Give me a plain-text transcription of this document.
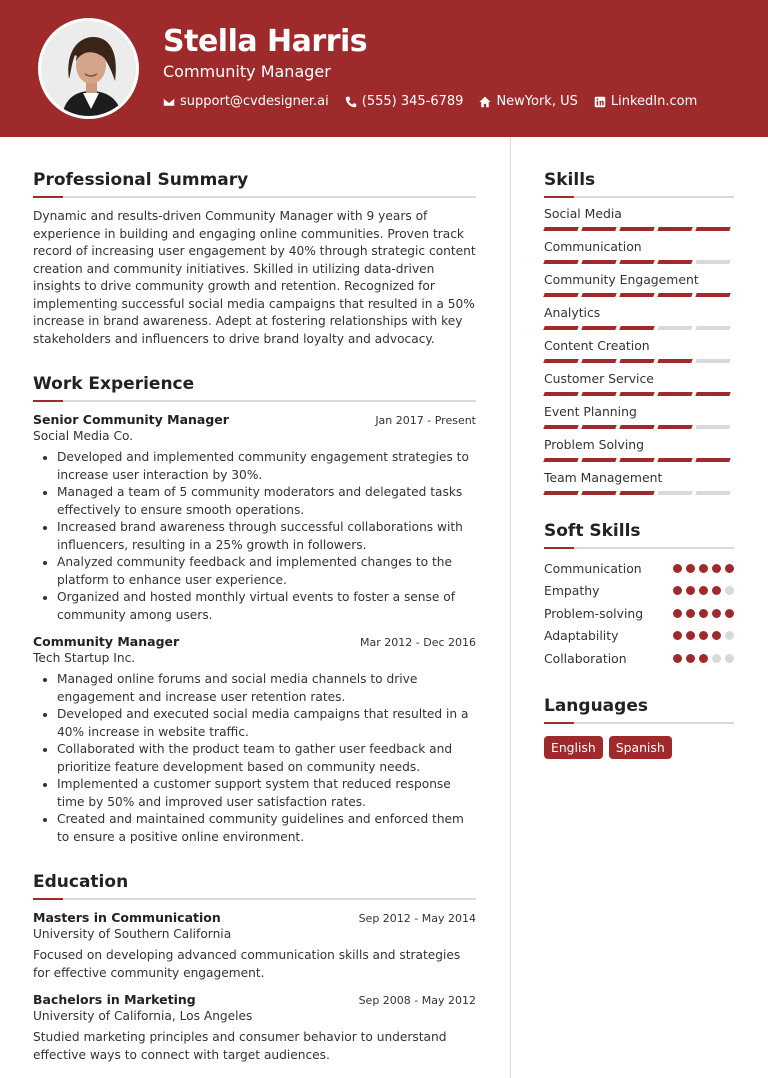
Stella Harris
Community Manager
support@cvdesigner.ai	(555) 345-6789	NewYork, US	LinkedIn.com
Professional Summary
Dynamic and results-driven Community Manager with 9 years of experience in building and engaging online communities. Proven track record of increasing user engagement by 40% through strategic content creation and community initiatives. Skilled in utilizing data-driven insights to drive community growth and retention. Recognized for implementing successful social media campaigns that resulted in a 50% increase in brand awareness. Adept at fostering relationships with key stakeholders and influencers to drive brand loyalty and advocacy.
Work Experience
Senior Community Manager	Jan 2017 - Present
Social Media Co.
• Developed and implemented community engagement strategies to increase user interaction by 30%.
• Managed a team of 5 community moderators and delegated tasks effectively to ensure smooth operations.
• Increased brand awareness through successful collaborations with influencers, resulting in a 25% growth in followers.
• Analyzed community feedback and implemented changes to the platform to enhance user experience.
• Organized and hosted monthly virtual events to foster a sense of community among users.
Community Manager	Mar 2012 - Dec 2016
Tech Startup Inc.
• Managed online forums and social media channels to drive engagement and increase user retention rates.
• Developed and executed social media campaigns that resulted in a 40% increase in website traffic.
• Collaborated with the product team to gather user feedback and prioritize feature development based on community needs.
• Implemented a customer support system that reduced response time by 50% and improved user satisfaction rates.
• Created and maintained community guidelines and enforced them to ensure a positive online environment.
Education
Masters in Communication	Sep 2012 - May 2014
University of Southern California
Focused on developing advanced communication skills and strategies for effective community engagement.
Bachelors in Marketing	Sep 2008 - May 2012
University of California, Los Angeles
Studied marketing principles and consumer behavior to understand effective ways to connect with target audiences.
Skills
Social Media
Communication
Community Engagement
Analytics
Content Creation
Customer Service
Event Planning
Problem Solving
Team Management
Soft Skills
Communication
Empathy
Problem-solving
Adaptability
Collaboration
Languages
English	Spanish
